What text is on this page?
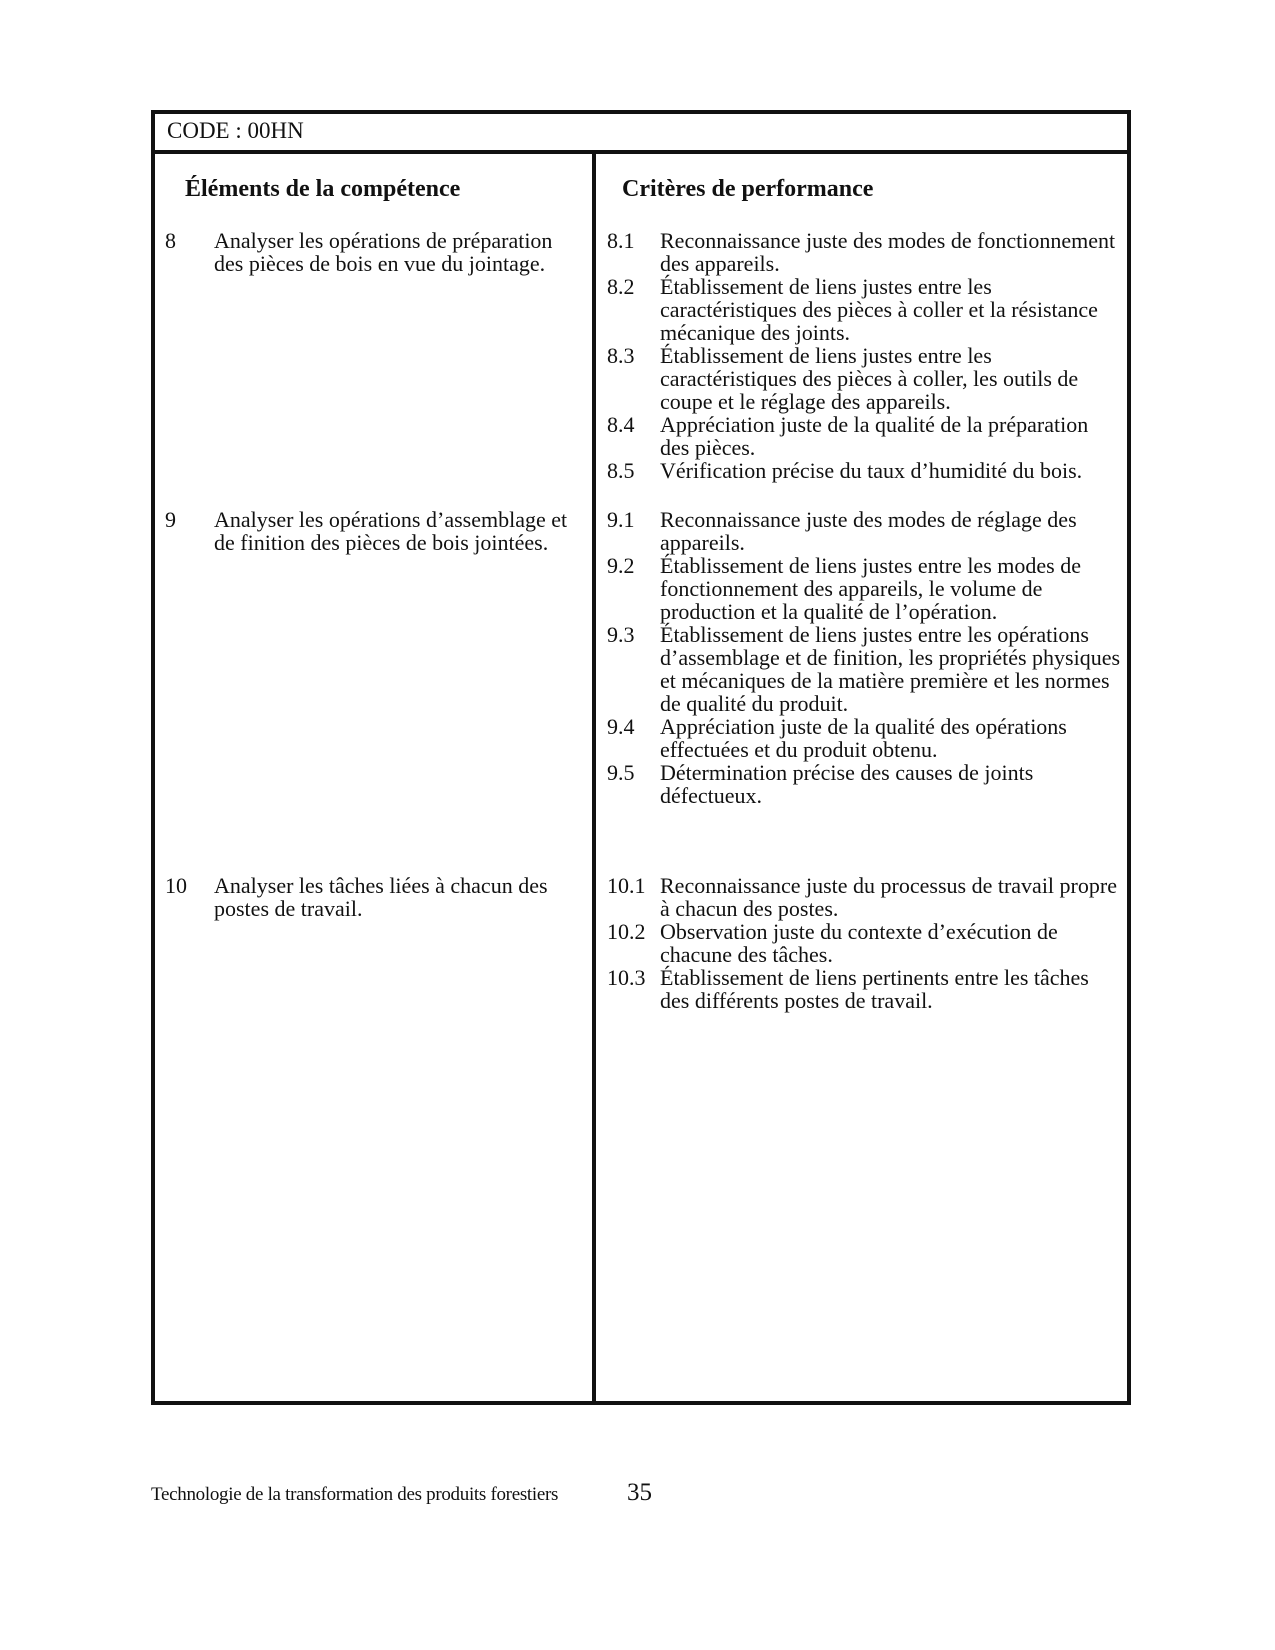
CODE : 00HN
Éléments de la compétence	Critères de performance
8 Analyser les opérations de préparation des pièces de bois en vue du jointage.
8.1 Reconnaissance juste des modes de fonctionnement des appareils.
8.2 Établissement de liens justes entre les caractéristiques des pièces à coller et la résistance mécanique des joints.
8.3 Établissement de liens justes entre les caractéristiques des pièces à coller, les outils de coupe et le réglage des appareils.
8.4 Appréciation juste de la qualité de la préparation des pièces.
8.5 Vérification précise du taux d’humidité du bois.
9 Analyser les opérations d’assemblage et de finition des pièces de bois jointées.
9.1 Reconnaissance juste des modes de réglage des appareils.
9.2 Établissement de liens justes entre les modes de fonctionnement des appareils, le volume de production et la qualité de l’opération.
9.3 Établissement de liens justes entre les opérations d’assemblage et de finition, les propriétés physiques et mécaniques de la matière première et les normes de qualité du produit.
9.4 Appréciation juste de la qualité des opérations effectuées et du produit obtenu.
9.5 Détermination précise des causes de joints défectueux.
10 Analyser les tâches liées à chacun des postes de travail.
10.1 Reconnaissance juste du processus de travail propre à chacun des postes.
10.2 Observation juste du contexte d’exécution de chacune des tâches.
10.3 Établissement de liens pertinents entre les tâches des différents postes de travail.
Technologie de la transformation des produits forestiers	35
